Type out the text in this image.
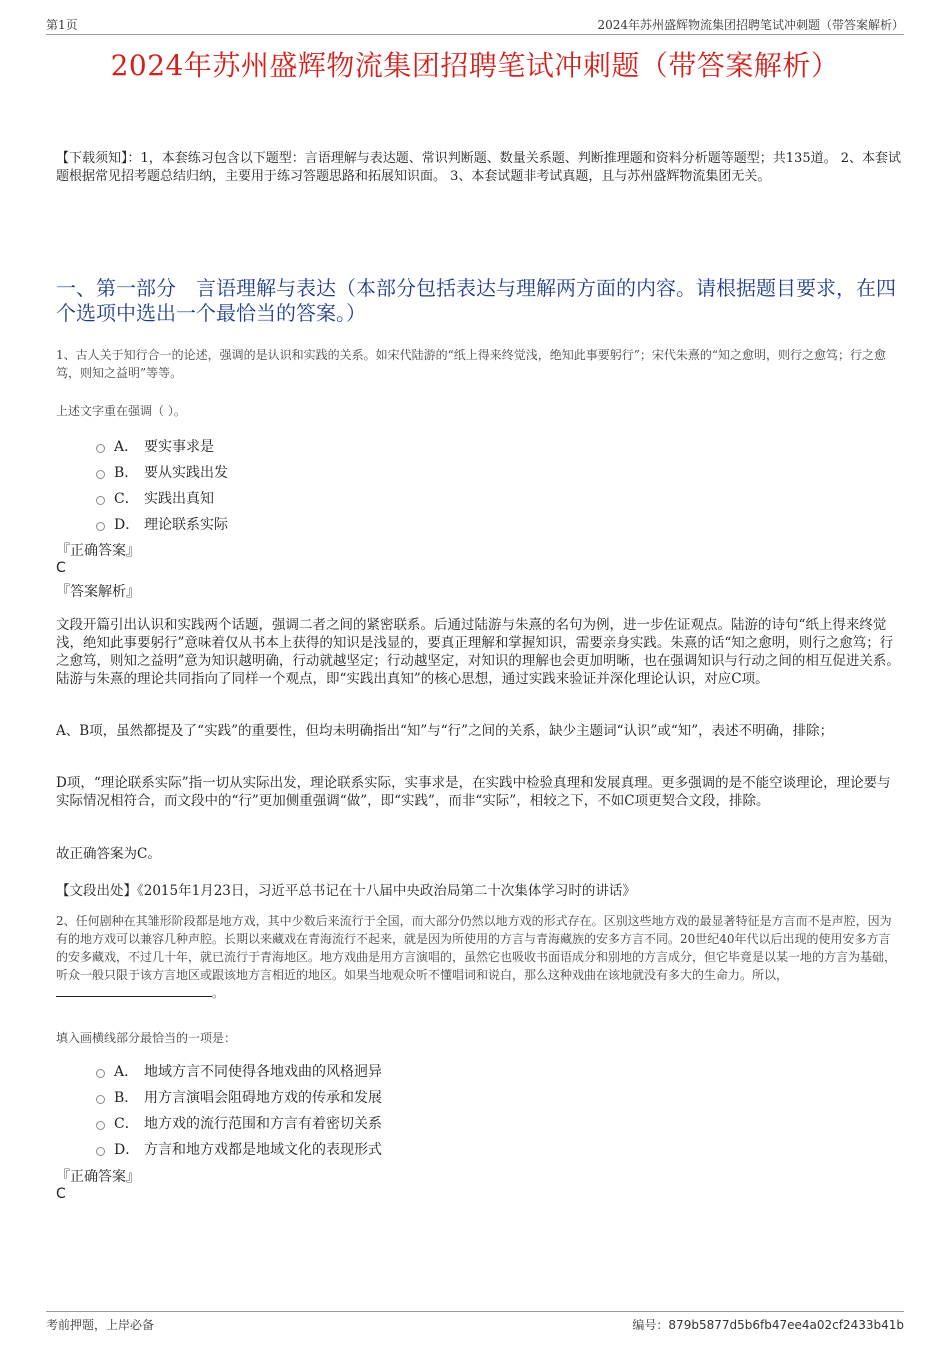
第1页	2024年苏州盛辉物流集团招聘笔试冲刺题（带答案解析）
2024年苏州盛辉物流集团招聘笔试冲刺题（带答案解析）
【下载须知】：1，本套练习包含以下题型：言语理解与表达题、常识判断题、数量关系题、判断推理题和资料分析题等题型；共135道。 2、本套试题根据常见招考题总结归纳，主要用于练习答题思路和拓展知识面。 3、本套试题非考试真题，且与苏州盛辉物流集团无关。
一、第一部分　言语理解与表达（本部分包括表达与理解两方面的内容。请根据题目要求，在四个选项中选出一个最恰当的答案。）
1、古人关于知行合一的论述，强调的是认识和实践的关系。如宋代陆游的“纸上得来终觉浅，绝知此事要躬行”；宋代朱熹的“知之愈明，则行之愈笃；行之愈笃，则知之益明”等等。
上述文字重在强调（ ）。
A． 要实事求是
B． 要从实践出发
C． 实践出真知
D． 理论联系实际
『正确答案』
C
『答案解析』
文段开篇引出认识和实践两个话题，强调二者之间的紧密联系。后通过陆游与朱熹的名句为例，进一步佐证观点。陆游的诗句“纸上得来终觉浅，绝知此事要躬行”意味着仅从书本上获得的知识是浅显的，要真正理解和掌握知识，需要亲身实践。朱熹的话“知之愈明，则行之愈笃；行之愈笃，则知之益明”意为知识越明确，行动就越坚定；行动越坚定，对知识的理解也会更加明晰，也在强调知识与行动之间的相互促进关系。陆游与朱熹的理论共同指向了同样一个观点，即“实践出真知”的核心思想，通过实践来验证并深化理论认识，对应C项。
A、B项，虽然都提及了“实践”的重要性，但均未明确指出“知”与“行”之间的关系，缺少主题词“认识”或“知”，表述不明确，排除；
D项，“理论联系实际”指一切从实际出发，理论联系实际，实事求是，在实践中检验真理和发展真理。更多强调的是不能空谈理论，理论要与实际情况相符合，而文段中的“行”更加侧重强调“做”，即“实践”，而非“实际”，相较之下，不如C项更契合文段，排除。
故正确答案为C。
【文段出处】《2015年1月23日，习近平总书记在十八届中央政治局第二十次集体学习时的讲话》
2、任何剧种在其雏形阶段都是地方戏，其中少数后来流行于全国，而大部分仍然以地方戏的形式存在。区别这些地方戏的最显著特征是方言而不是声腔，因为有的地方戏可以兼容几种声腔。长期以来藏戏在青海流行不起来，就是因为所使用的方言与青海藏族的安多方言不同。20世纪40年代以后出现的使用安多方言的安多藏戏，不过几十年，就已流行于青海地区。地方戏曲是用方言演唱的，虽然它也吸收书面语成分和别地的方言成分，但它毕竟是以某一地的方言为基础，听众一般只限于该方言地区或跟该地方言相近的地区。如果当地观众听不懂唱词和说白，那么这种戏曲在该地就没有多大的生命力。所以，。
填入画横线部分最恰当的一项是：
A． 地域方言不同使得各地戏曲的风格迥异
B． 用方言演唱会阻碍地方戏的传承和发展
C． 地方戏的流行范围和方言有着密切关系
D． 方言和地方戏都是地域文化的表现形式
『正确答案』
C
考前押题，上岸必备	编号：879b5877d5b6fb47ee4a02cf2433b41b
